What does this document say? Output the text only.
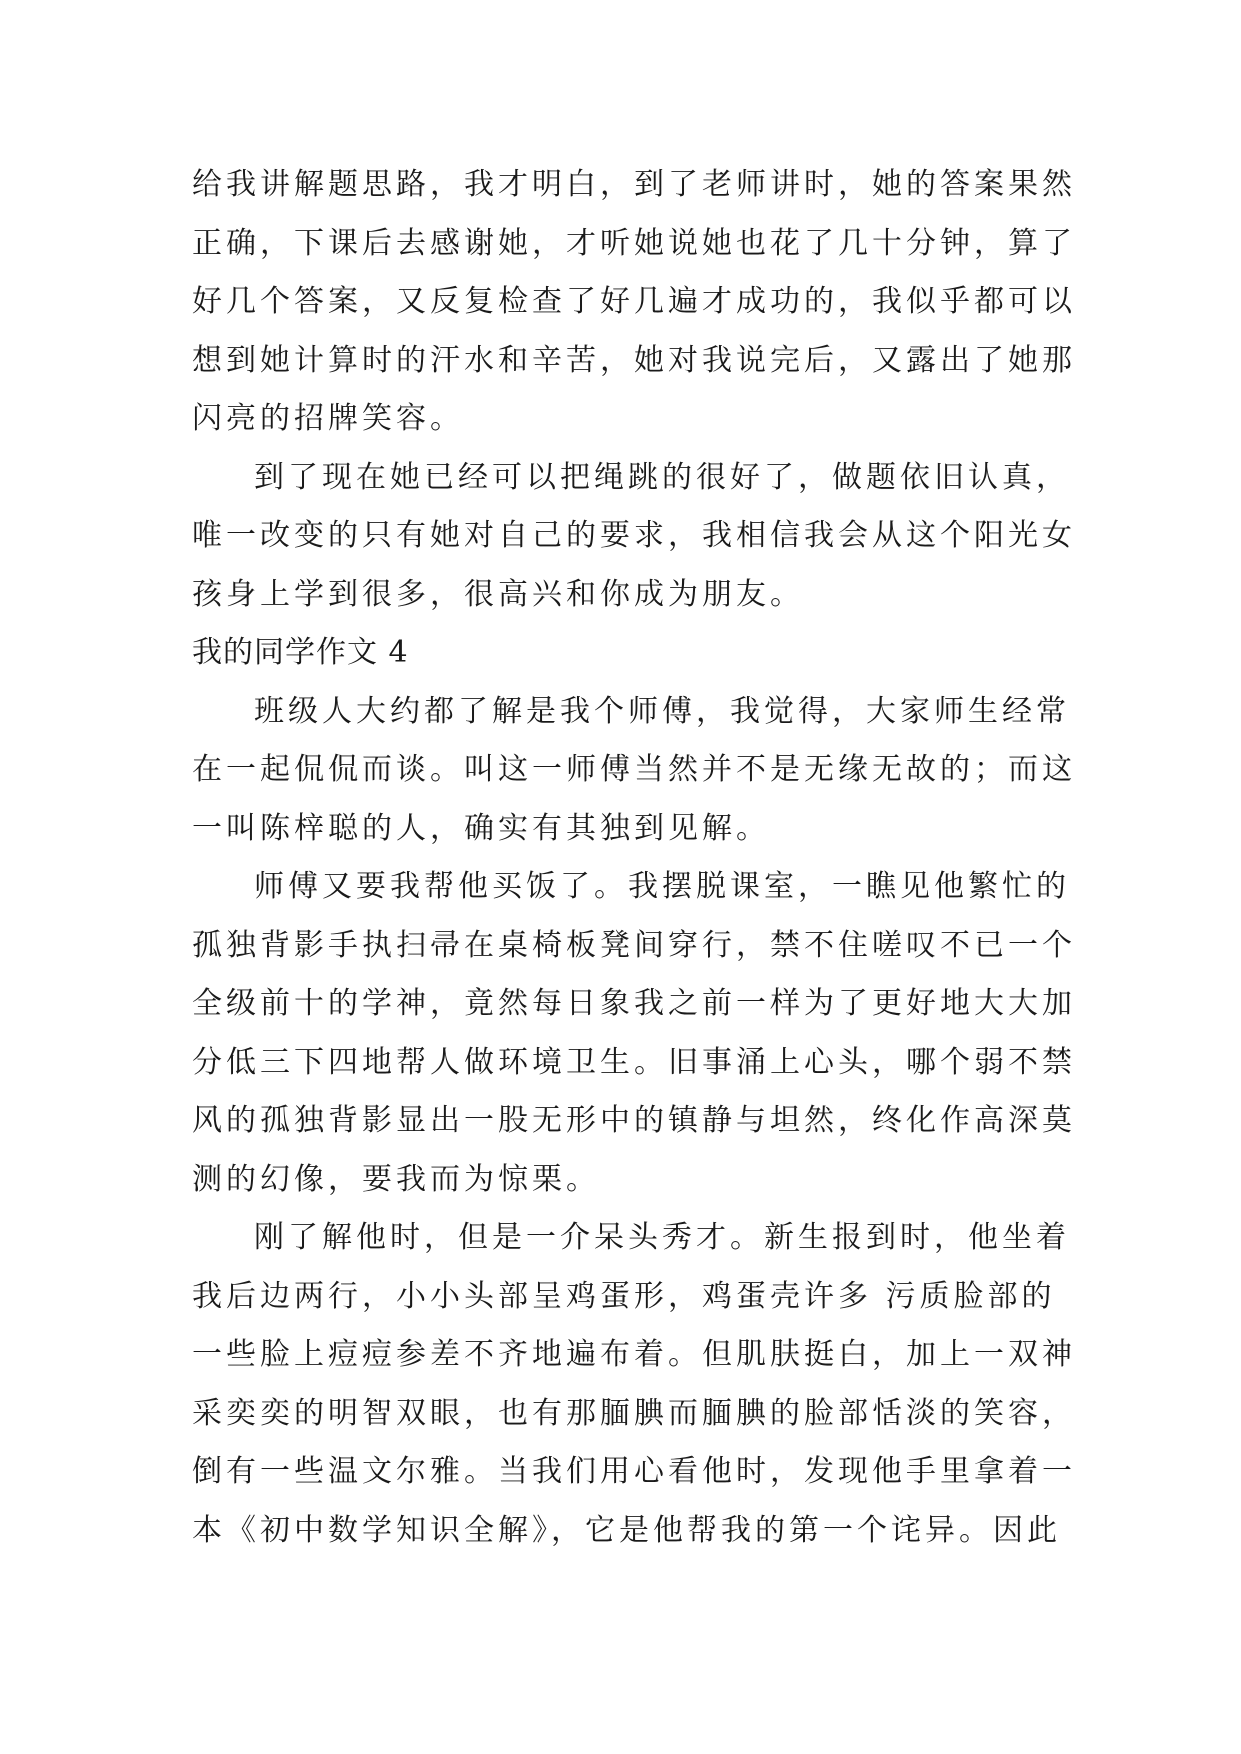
给我讲解题思路，我才明白，到了老师讲时，她的答案果然
正确，下课后去感谢她，才听她说她也花了几十分钟，算了
好几个答案，又反复检查了好几遍才成功的，我似乎都可以
想到她计算时的汗水和辛苦，她对我说完后，又露出了她那
闪亮的招牌笑容。
到了现在她已经可以把绳跳的很好了，做题依旧认真，
唯一改变的只有她对自己的要求，我相信我会从这个阳光女
孩身上学到很多，很高兴和你成为朋友。
我的同学作文 4
班级人大约都了解是我个师傅，我觉得，大家师生经常
在一起侃侃而谈。叫这一师傅当然并不是无缘无故的；而这
一叫陈梓聪的人，确实有其独到见解。
师傅又要我帮他买饭了。我摆脱课室，一瞧见他繁忙的
孤独背影手执扫帚在桌椅板凳间穿行，禁不住嗟叹不已一个
全级前十的学神，竟然每日象我之前一样为了更好地大大加
分低三下四地帮人做环境卫生。旧事涌上心头，哪个弱不禁
风的孤独背影显出一股无形中的镇静与坦然，终化作高深莫
测的幻像，要我而为惊栗。
刚了解他时，但是一介呆头秀才。新生报到时，他坐着
我后边两行，小小头部呈鸡蛋形，鸡蛋壳许多 污质脸部的
一些脸上痘痘参差不齐地遍布着。但肌肤挺白，加上一双神
采奕奕的明智双眼，也有那腼腆而腼腆的脸部恬淡的笑容，
倒有一些温文尔雅。当我们用心看他时，发现他手里拿着一
本《初中数学知识全解》，它是他帮我的第一个诧异。因此
